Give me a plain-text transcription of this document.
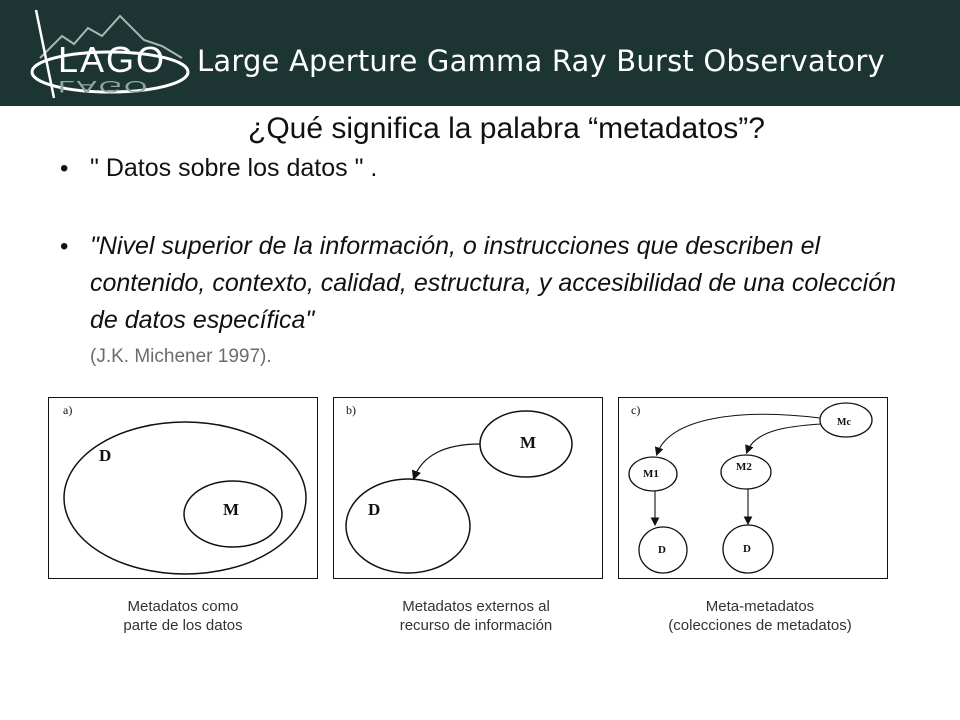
LAGO
LAGO
Large Aperture Gamma Ray Burst Observatory
¿Qué significa la palabra “metadatos”?
• " Datos sobre los datos " .
• "Nivel superior de la información, o instrucciones que describen el contenido, contexto, calidad, estructura, y accesibilidad de una colección de datos específica"
(J.K. Michener 1997).
a)
D
M
b)
M
D
c)
Mc
M1
M2
D	D
Metadatos como
parte de los datos
Metadatos externos al
recurso de información
Meta-metadatos
(colecciones de metadatos)
